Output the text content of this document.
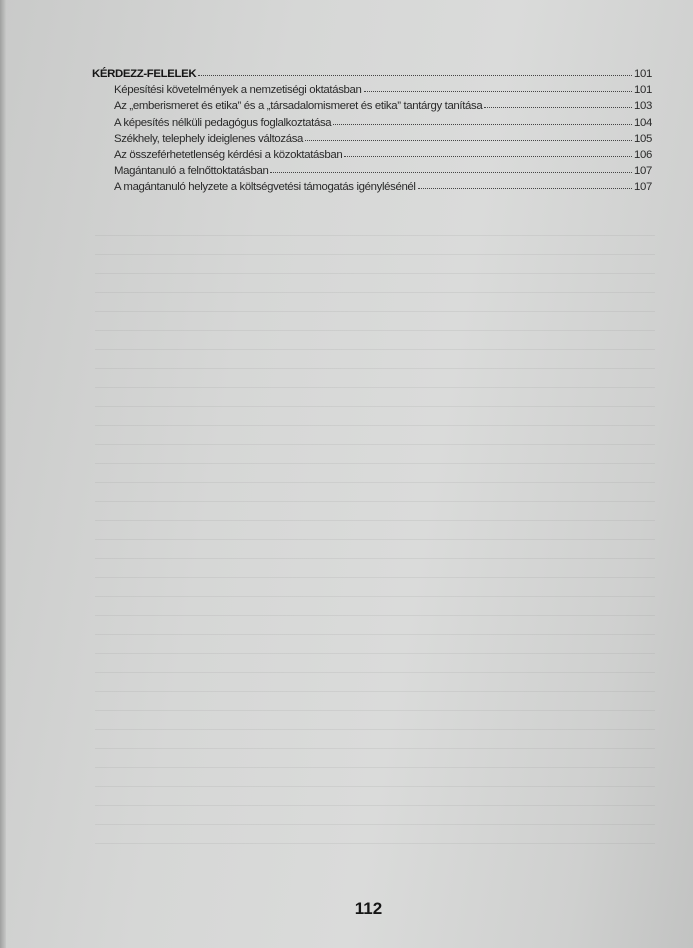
KÉRDEZZ-FELELEK	101
Képesítési követelmények a nemzetiségi oktatásban	101
Az „emberismeret és etika” és a „társadalomismeret és etika” tantárgy tanítása	103
A képesítés nélküli pedagógus foglalkoztatása	104
Székhely, telephely ideiglenes változása	105
Az összeférhetetlenség kérdési a közoktatásban	106
Magántanuló a felnőttoktatásban	107
A magántanuló helyzete a költségvetési támogatás igénylésénél	107
112
